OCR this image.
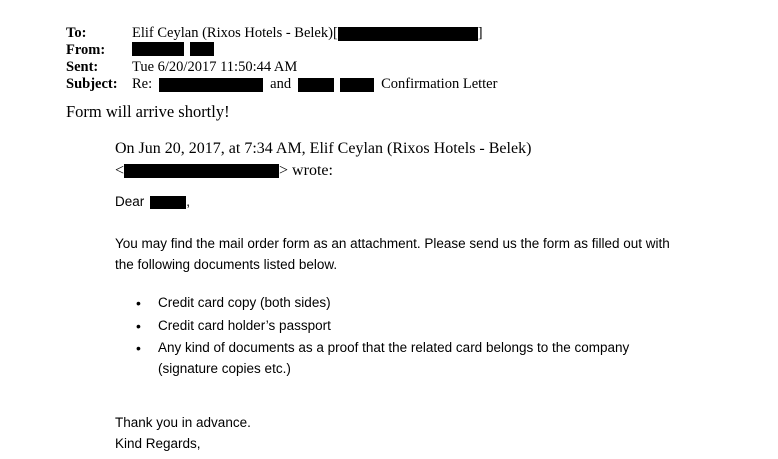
To:	Elif Ceylan (Rixos Hotels - Belek)[	]
From:
Sent:	Tue 6/20/2017 11:50:44 AM
Subject: Re:	and	Confirmation Letter
Form will arrive shortly!
On Jun 20, 2017, at 7:34 AM, Elif Ceylan (Rixos Hotels - Belek)
<	> wrote:
Dear	,

You may find the mail order form as an attachment. Please send us the form as filled out with the following documents listed below.

• Credit card copy (both sides)
• Credit card holder’s passport
• Any kind of documents as a proof that the related card belongs to the company (signature copies etc.)
Thank you in advance.
Kind Regards,
